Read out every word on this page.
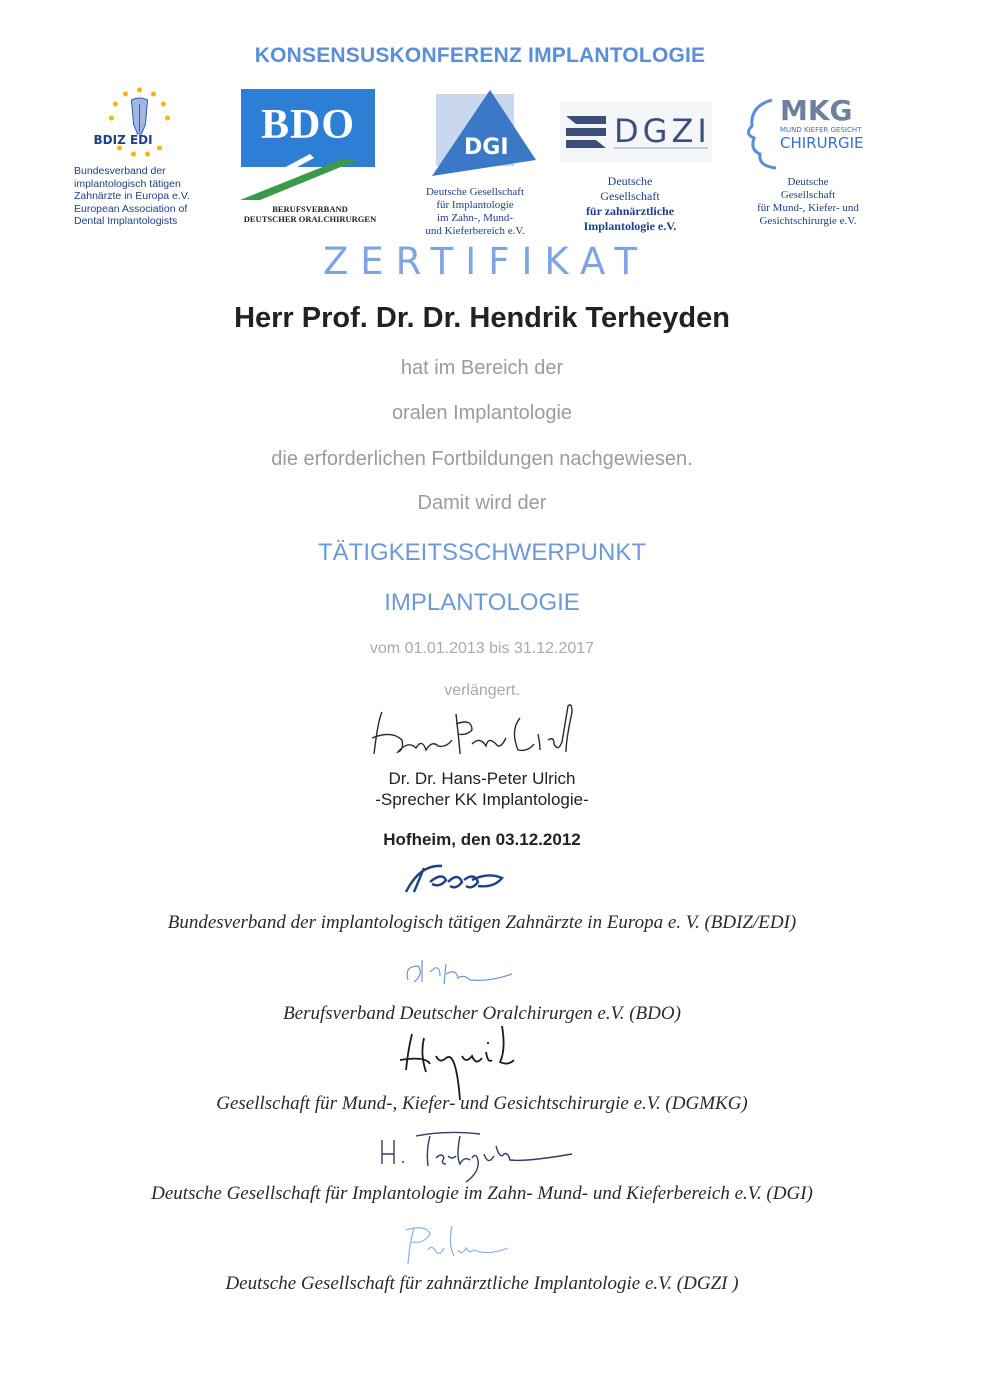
KONSENSUSKONFERENZ IMPLANTOLOGIE
BDIZ EDI
Bundesverband der
implantologisch tätigen
Zahnärzte in Europa e.V.
European Association of
Dental Implantologists
BDO
BERUFSVERBAND
DEUTSCHER ORALCHIRURGEN
DGI
Deutsche Gesellschaft
für Implantologie
im Zahn-, Mund-
und Kieferbereich e.V.
DGZI
Deutsche
Gesellschaft
für zahnärztliche
Implantologie e.V.
MKG
MUND KIEFER GESICHT
CHIRURGIE
Deutsche
Gesellschaft
für Mund-, Kiefer- und
Gesichtschirurgie e.V.
ZERTIFIKAT
Herr Prof. Dr. Dr. Hendrik Terheyden
hat im Bereich der
oralen Implantologie
die erforderlichen Fortbildungen nachgewiesen.
Damit wird der
TÄTIGKEITSSCHWERPUNKT
IMPLANTOLOGIE
vom 01.01.2013 bis 31.12.2017
verlängert.
Dr. Dr. Hans-Peter Ulrich
-Sprecher KK Implantologie-
Hofheim, den 03.12.2012
Bundesverband der implantologisch tätigen Zahnärzte in Europa e. V. (BDIZ/EDI)
Berufsverband Deutscher Oralchirurgen e.V. (BDO)
Gesellschaft für Mund-, Kiefer- und Gesichtschirurgie e.V. (DGMKG)
Deutsche Gesellschaft für Implantologie im Zahn- Mund- und Kieferbereich e.V. (DGI)
Deutsche Gesellschaft für zahnärztliche Implantologie e.V. (DGZI )
